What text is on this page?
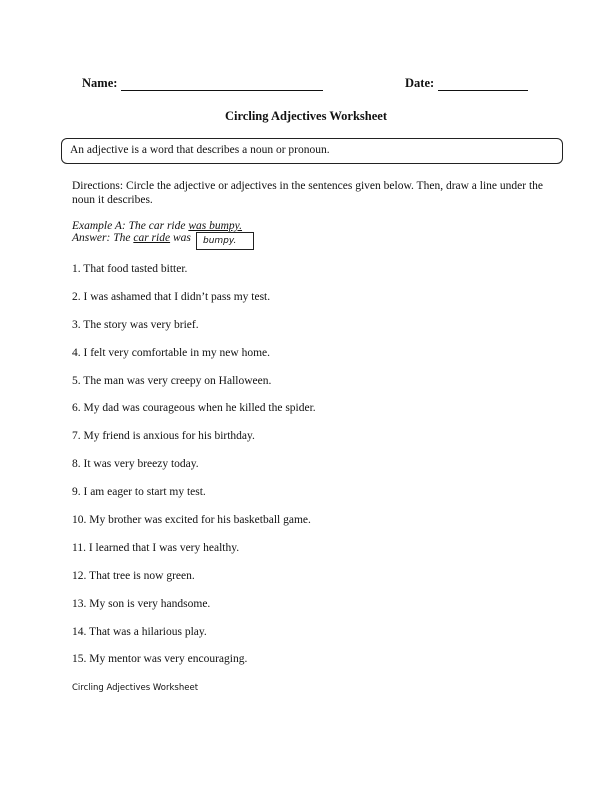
Name:	Date:
Circling Adjectives Worksheet
An adjective is a word that describes a noun or pronoun.
Directions: Circle the adjective or adjectives in the sentences given below. Then, draw a line under the noun it describes.
Example A: The car ride was bumpy.
Answer: The car ride was	bumpy.
1. That food tasted bitter.
2. I was ashamed that I didn’t pass my test.
3. The story was very brief.
4. I felt very comfortable in my new home.
5. The man was very creepy on Halloween.
6. My dad was courageous when he killed the spider.
7. My friend is anxious for his birthday.
8. It was very breezy today.
9. I am eager to start my test.
10. My brother was excited for his basketball game.
11. I learned that I was very healthy.
12. That tree is now green.
13. My son is very handsome.
14. That was a hilarious play.
15. My mentor was very encouraging.
Circling Adjectives Worksheet
